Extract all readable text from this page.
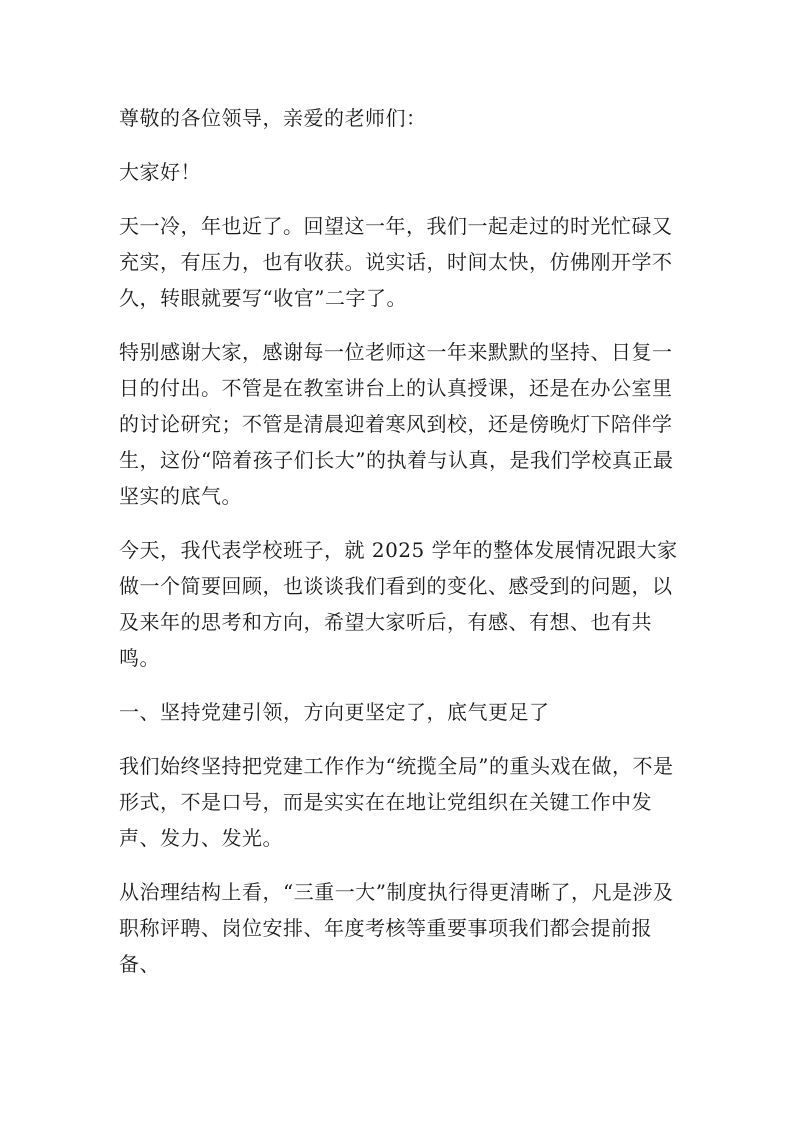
尊敬的各位领导，亲爱的老师们：

大家好！

天一冷，年也近了。回望这一年，我们一起走过的时光忙碌又充实，有压力，也有收获。说实话，时间太快，仿佛刚开学不久，转眼就要写“收官”二字了。

特别感谢大家，感谢每一位老师这一年来默默的坚持、日复一日的付出。不管是在教室讲台上的认真授课，还是在办公室里的讨论研究；不管是清晨迎着寒风到校，还是傍晚灯下陪伴学生，这份“陪着孩子们长大”的执着与认真，是我们学校真正最坚实的底气。

今天，我代表学校班子，就 2025 学年的整体发展情况跟大家做一个简要回顾，也谈谈我们看到的变化、感受到的问题，以及来年的思考和方向，希望大家听后，有感、有想、也有共鸣。

一、坚持党建引领，方向更坚定了，底气更足了

我们始终坚持把党建工作作为“统揽全局”的重头戏在做，不是形式，不是口号，而是实实在在地让党组织在关键工作中发声、发力、发光。

从治理结构上看，“三重一大”制度执行得更清晰了，凡是涉及职称评聘、岗位安排、年度考核等重要事项我们都会提前报备、
